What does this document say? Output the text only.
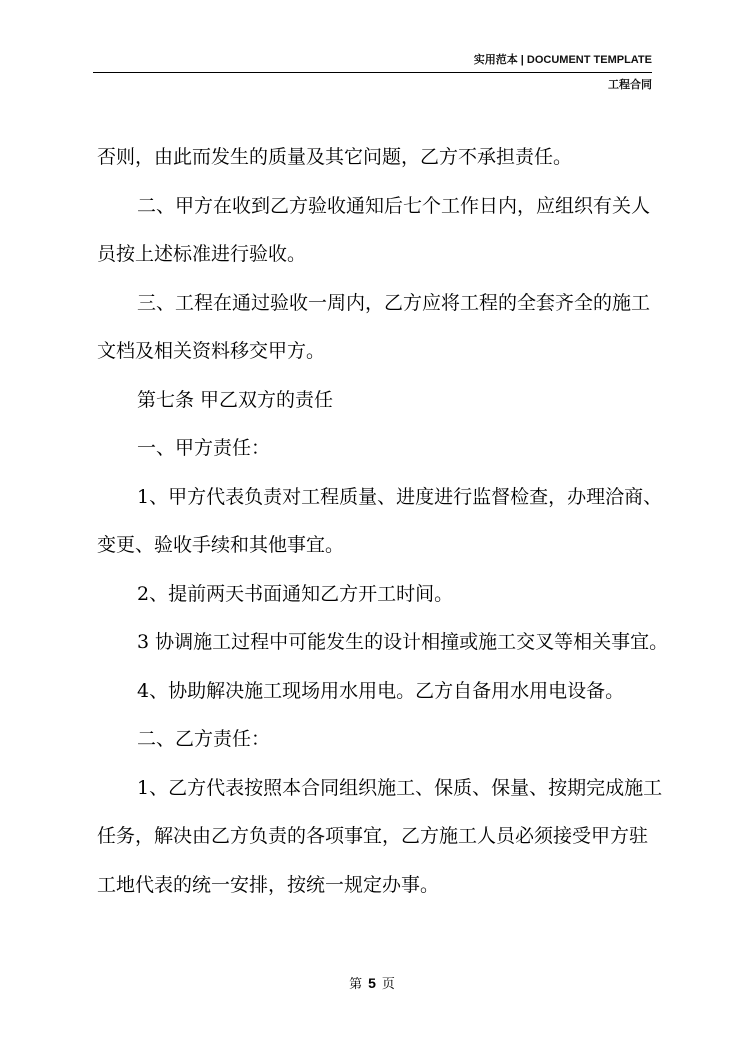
实用范本 | DOCUMENT TEMPLATE
工程合同
否则，由此而发生的质量及其它问题，乙方不承担责任。
二、甲方在收到乙方验收通知后七个工作日内，应组织有关人
员按上述标准进行验收。
三、工程在通过验收一周内，乙方应将工程的全套齐全的施工
文档及相关资料移交甲方。
第七条 甲乙双方的责任
一、甲方责任：
1、甲方代表负责对工程质量、进度进行监督检查，办理洽商、
变更、验收手续和其他事宜。
2、提前两天书面通知乙方开工时间。
3 协调施工过程中可能发生的设计相撞或施工交叉等相关事宜。
4、协助解决施工现场用水用电。乙方自备用水用电设备。
二、乙方责任：
1、乙方代表按照本合同组织施工、保质、保量、按期完成施工
任务，解决由乙方负责的各项事宜，乙方施工人员必须接受甲方驻
工地代表的统一安排，按统一规定办事。
第 5 页
